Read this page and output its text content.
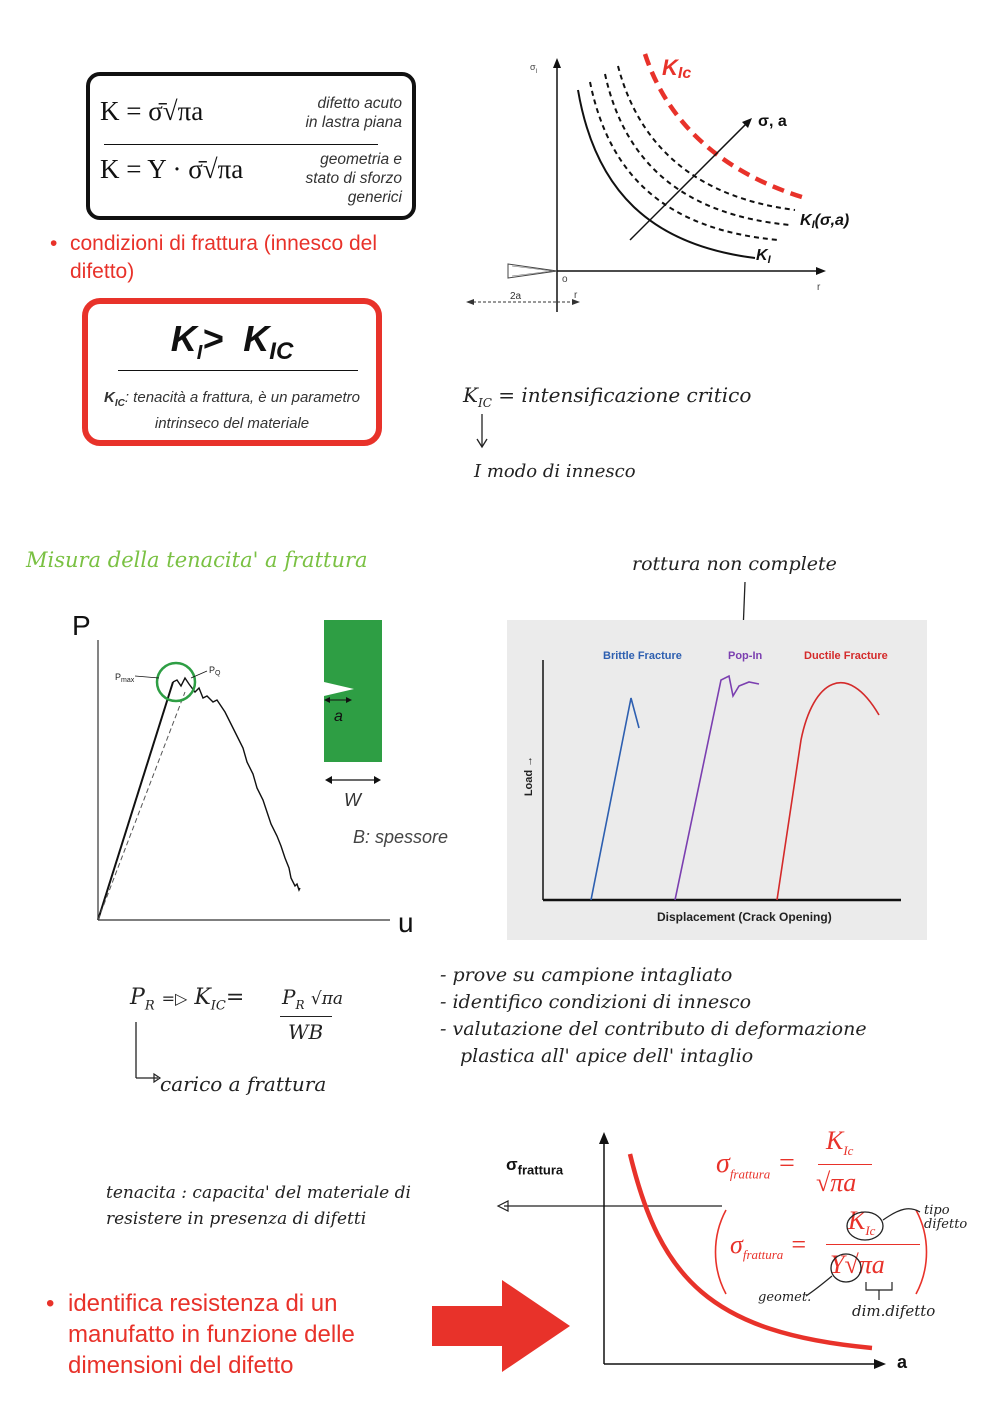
K = σ̄√πa	difetto acuto
in lastra piana
K = Y · σ̄√πa	geometria e
stato di sforzo
generici
• condizioni di frattura (innesco del difetto)
$K_I> K_{IC}$
$K_{IC}$: tenacità a frattura, è un parametro intrinseco del materiale
$\sigma_I$
r
o
r
2a
KIc
σ, a
KI(σ,a)
KI
$K_{IC}$ = intensificazione critico
I modo di innesco
Misura della tenacita' a frattura
P
u
$P_{max}$
$P_Q$
a
W
B: spessore
rottura non complete
Brittle Fracture	Pop-In	Ductile Fracture
Load →
Displacement (Crack Opening)
$P_R$ =▷ $K_{IC}= P_R$ √πa
WB
carico a frattura
- prove su campione intagliato
- identifico condizioni di innesco
- valutazione del contributo di deformazione
plastica all' apice dell' intaglio
tenacita : capacita' del materiale di
resistere in presenza di difetti
• identifica resistenza di un
manufatto in funzione delle
dimensioni del difetto
$\sigma_{frattura}$
a
$\sigma_{frattura}$ =
$K_{Ic}$
√πa
$\sigma_{frattura}$ =
$K_{Ic}$
Y√πa
tipo
difetto
geomet.
dim.difetto
